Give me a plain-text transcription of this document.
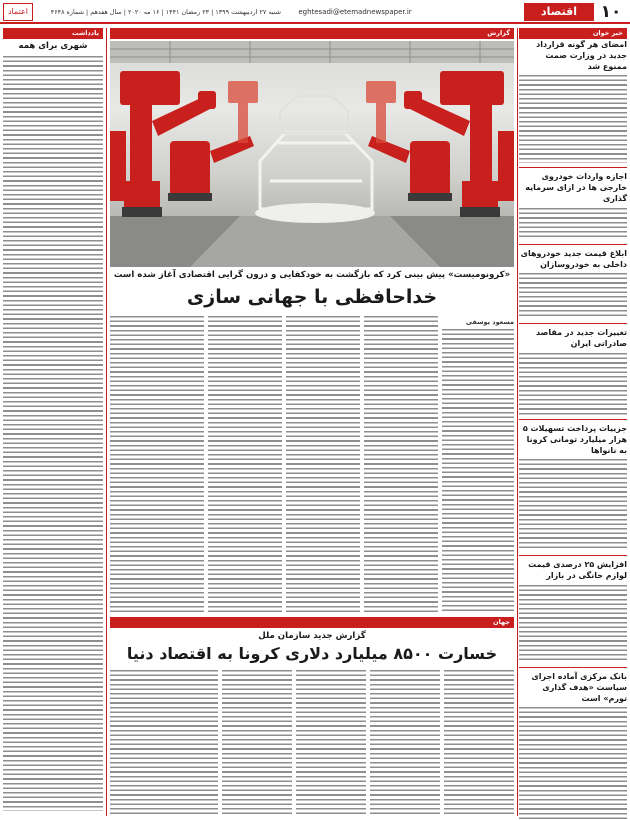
۱۰
اقتصاد
eghtesadi@etemadnewspaper.ir
شنبه ۲۷ اردیبهشت ۱۳۹۹ | ۲۳ رمضان ۱۴۴۱ | ۱۶ مه ۲۰۲۰ | سال هفدهم | شماره ۴۶۴۸
اعتماد
خبر خوان
امضای هر گونه قرارداد جدید در وزارت صمت ممنوع شد
اجازه واردات خودروی خارجی ها در ازای سرمایه گذاری
ابلاغ قیمت جدید خودروهای داخلی به خودروسازان
تغییرات جدید در مقاصد صادراتی ایران
جزییات پرداخت تسهیلات ۵ هزار میلیارد تومانی کرونا به نانواها
افزایش ۲۵ درصدی قیمت لوازم خانگی در بازار
بانک مرکزی آماده اجرای سیاست «هدف گذاری تورم» است
یادداشت
شهری برای همه
گزارش
«کرونومیست» پیش بینی کرد که بازگشت به خودکفایی و درون گرایی اقتصادی آغاز شده است
خداحافظی با جهانی سازی
مسعود یوسفی
جهان
گزارش جدید سازمان ملل
خسارت ۸۵۰۰ میلیارد دلاری کرونا به اقتصاد دنیا
